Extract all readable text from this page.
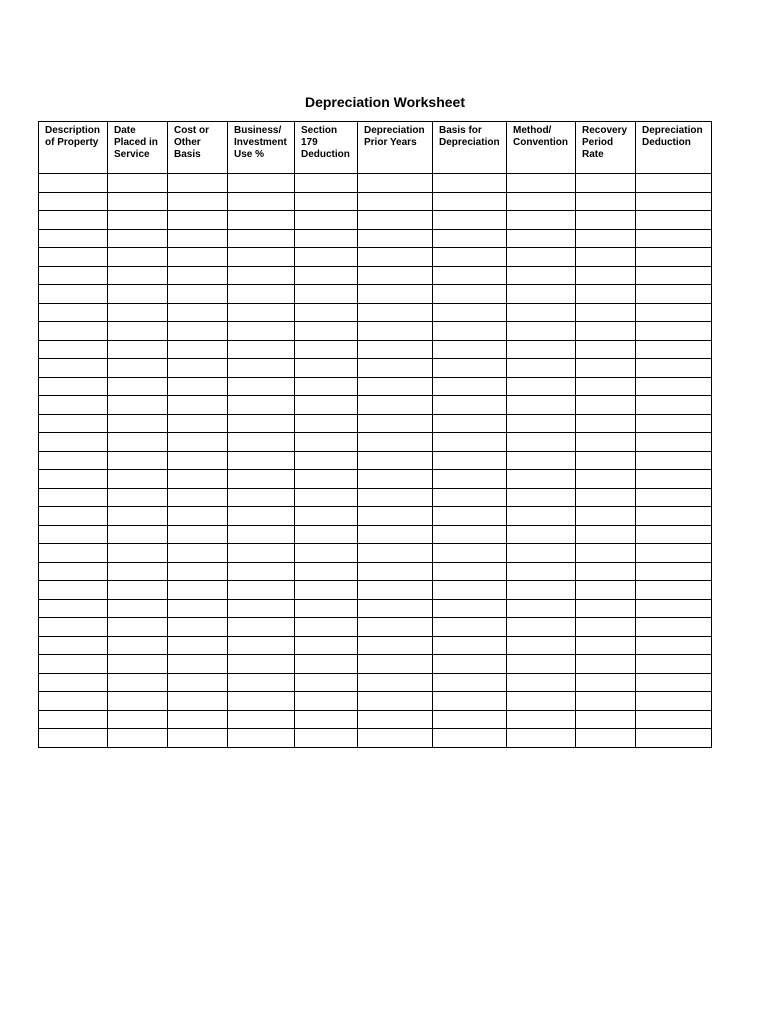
Depreciation Worksheet
Description of Property	Date Placed in Service	Cost or Other Basis	Business/ Investment Use %	Section 179 Deduction	Depreciation Prior Years	Basis for Depreciation	Method/ Convention	Recovery Period Rate	Depreciation Deduction
